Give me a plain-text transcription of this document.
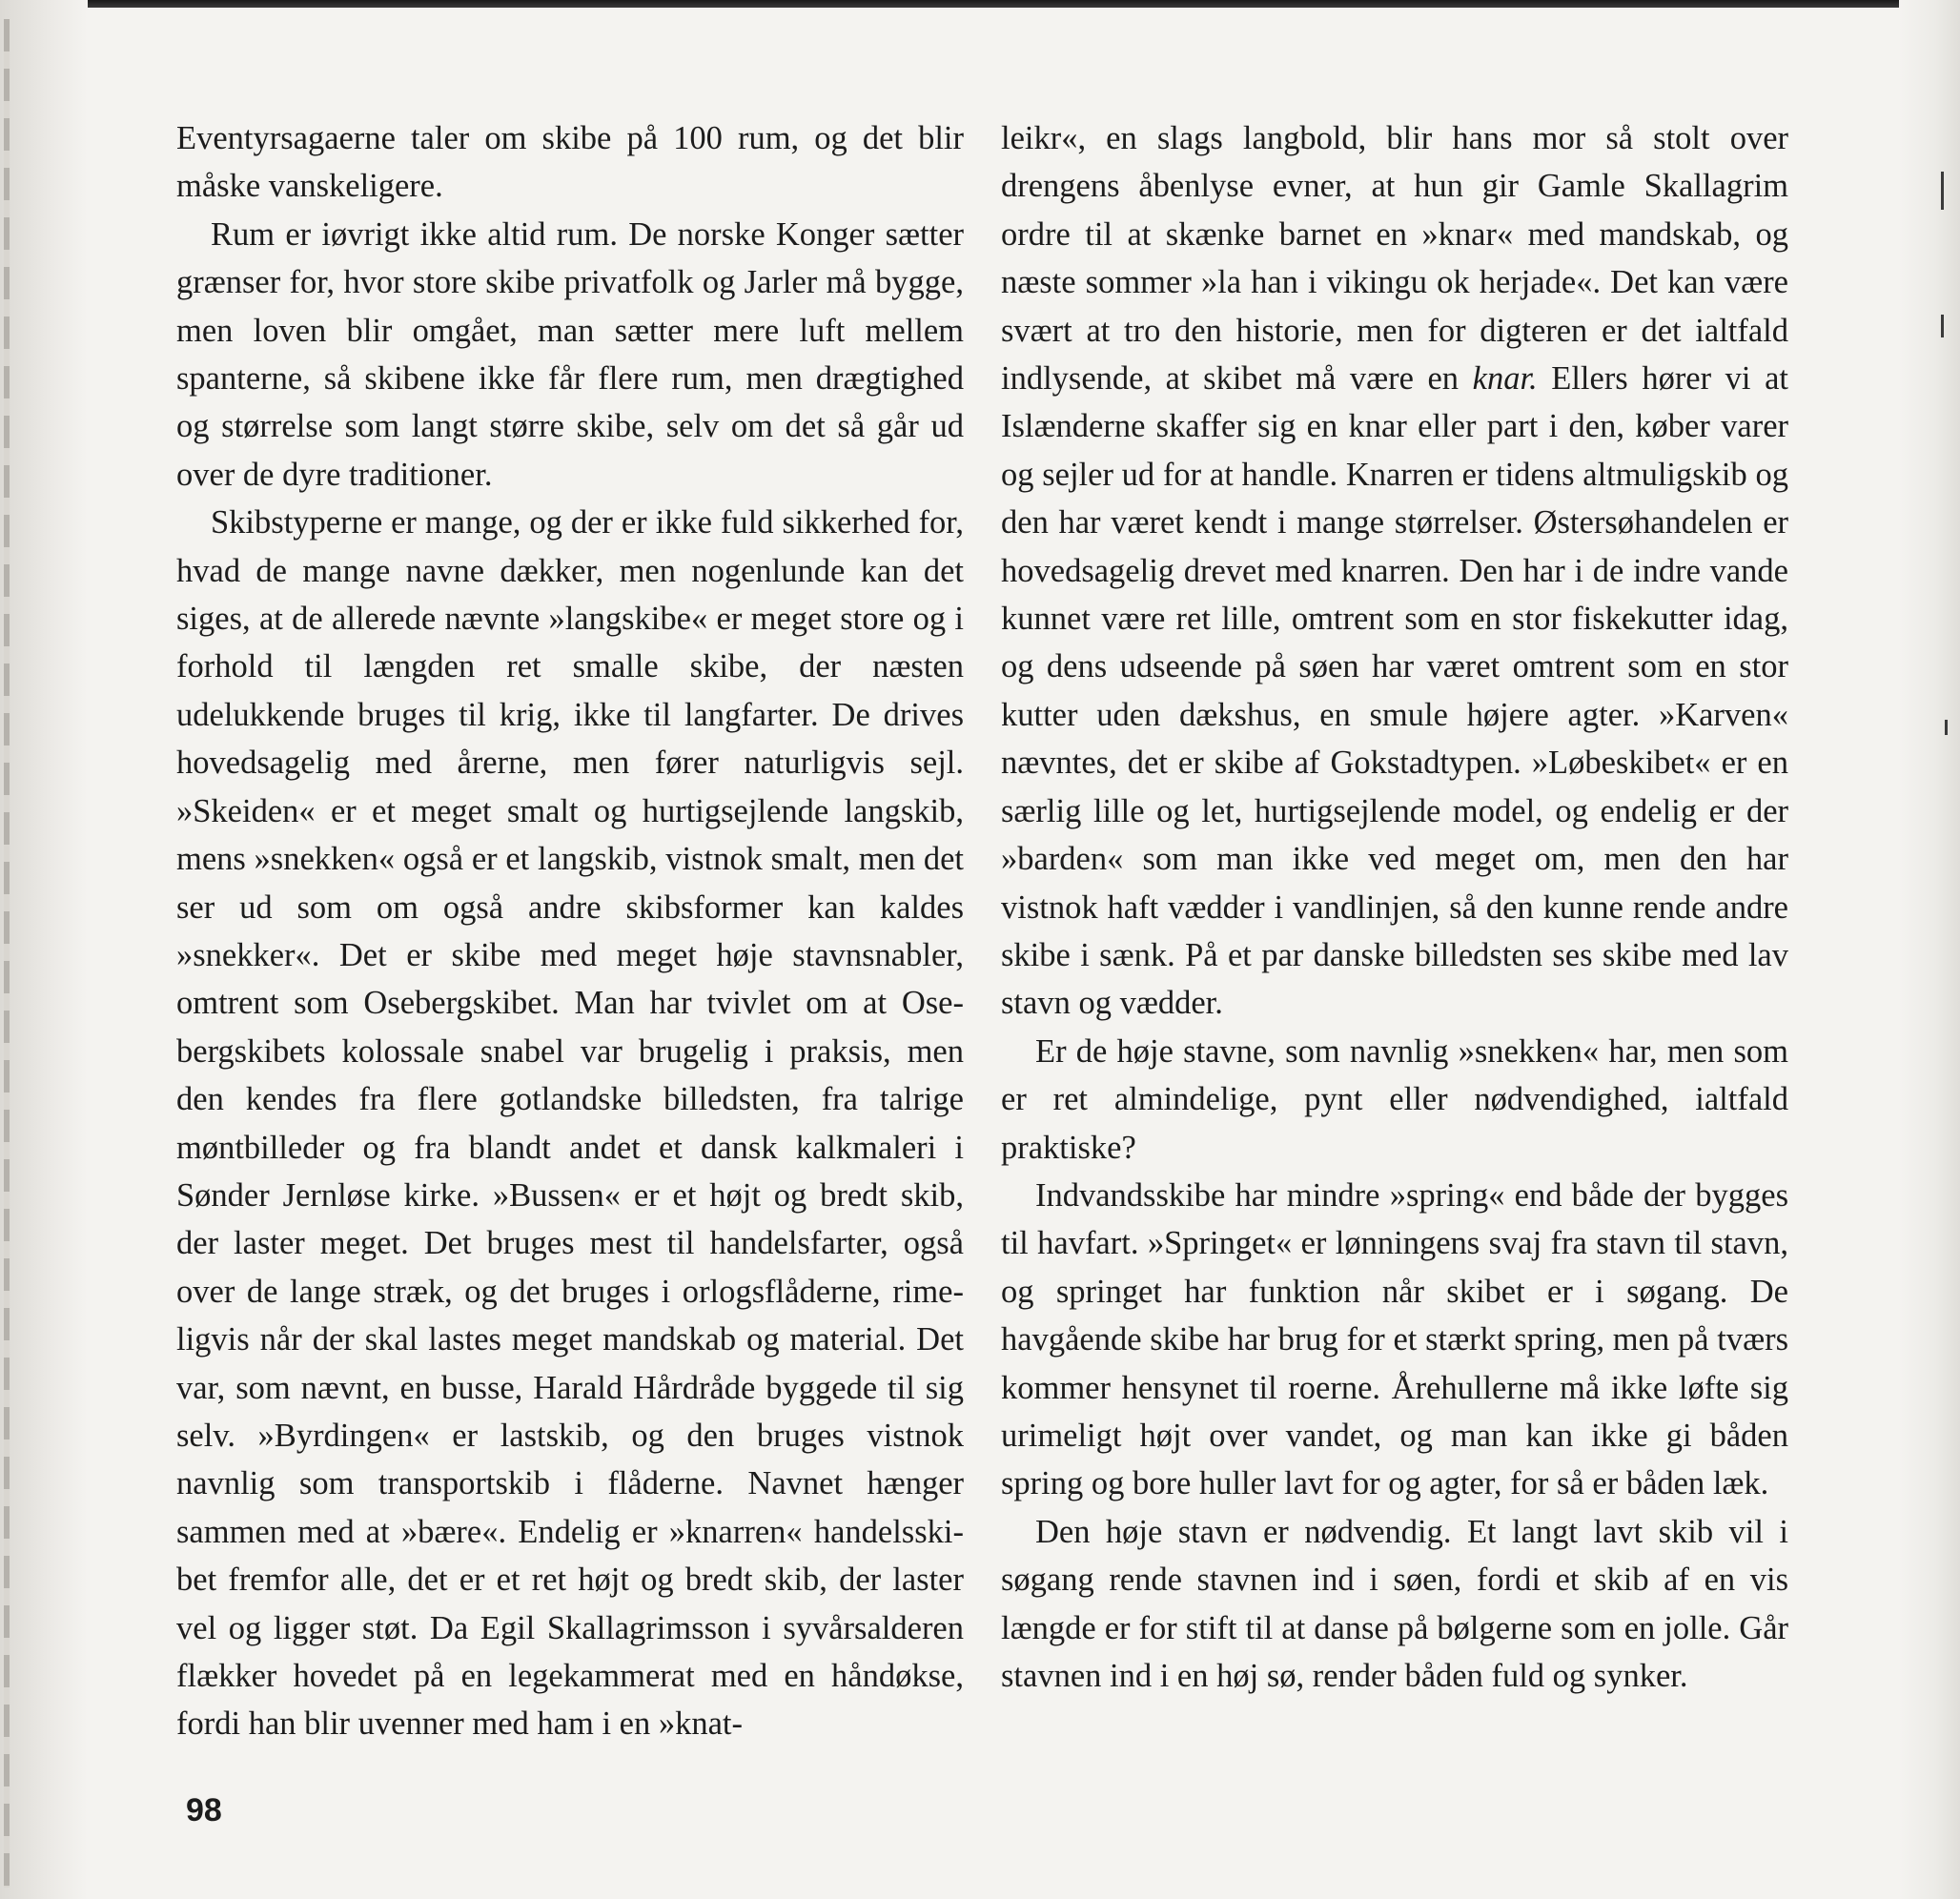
Eventyrsagaerne taler om skibe på 100 rum, og det blir måske vanskeligere.

Rum er iøvrigt ikke altid rum. De norske Konger sætter grænser for, hvor store skibe privatfolk og Jarler må bygge, men loven blir omgået, man sætter mere luft mellem spanterne, så skibene ikke får flere rum, men drægtighed og størrelse som langt større skibe, selv om det så går ud over de dyre traditioner.

Skibstyperne er mange, og der er ikke fuld sikkerhed for, hvad de mange navne dækker, men nogenlunde kan det siges, at de allerede nævnte »langskibe« er meget store og i forhold til længden ret smalle skibe, der næsten udelukkende bruges til krig, ikke til langfarter. De drives hovedsagelig med årerne, men fører naturligvis sejl. »Skeiden« er et meget smalt og hurtigsejlende langskib, mens »snekken« også er et langskib, vistnok smalt, men det ser ud som om også andre skibsformer kan kaldes »snekker«. Det er skibe med meget høje stavnsnabler, omtrent som Osebergskibet. Man har tvivlet om at Osebergskibets kolossale snabel var brugelig i praksis, men den kendes fra flere gotlandske billedsten, fra talrige møntbilleder og fra blandt andet et dansk kalkmaleri i Sønder Jernløse kirke. »Bussen« er et højt og bredt skib, der laster meget. Det bruges mest til handelsfarter, også over de lange stræk, og det bruges i orlogsflåderne, rimeligvis når der skal lastes meget mandskab og material. Det var, som nævnt, en busse, Harald Hårdråde byggede til sig selv. »Byrdingen« er lastskib, og den bruges vistnok navnlig som transportskib i flåderne. Navnet hænger sammen med at »bære«. Endelig er »knarren« handelsskibet fremfor alle, det er et ret højt og bredt skib, der laster vel og ligger støt. Da Egil Skallagrimsson i syvårsalderen flækker hovedet på en legekammerat med en håndøkse, fordi han blir uvenner med ham i en »knat-

leikr«, en slags langbold, blir hans mor så stolt over drengens åbenlyse evner, at hun gir Gamle Skallagrim ordre til at skænke barnet en »knar« med mandskab, og næste sommer »la han i vikingu ok herjade«. Det kan være svært at tro den historie, men for digteren er det ialtfald indlysende, at skibet må være en knar. Ellers hører vi at Islænderne skaffer sig en knar eller part i den, køber varer og sejler ud for at handle. Knarren er tidens altmuligskib og den har været kendt i mange størrelser. Østersøhandelen er hovedsagelig drevet med knarren. Den har i de indre vande kunnet være ret lille, omtrent som en stor fiskekutter idag, og dens udseende på søen har været omtrent som en stor kutter uden dækshus, en smule højere agter. »Karven« nævntes, det er skibe af Gokstadtypen. »Løbeskibet« er en særlig lille og let, hurtigsejlende model, og endelig er der »barden« som man ikke ved meget om, men den har vistnok haft vædder i vandlinjen, så den kunne rende andre skibe i sænk. På et par danske billedsten ses skibe med lav stavn og vædder.

Er de høje stavne, som navnlig »snekken« har, men som er ret almindelige, pynt eller nødvendighed, ialtfald praktiske?

Indvandsskibe har mindre »spring« end både der bygges til havfart. »Springet« er lønningens svaj fra stavn til stavn, og springet har funktion når skibet er i søgang. De havgående skibe har brug for et stærkt spring, men på tværs kommer hensynet til roerne. Årehullerne må ikke løfte sig urimeligt højt over vandet, og man kan ikke gi båden spring og bore huller lavt for og agter, for så er båden læk.

Den høje stavn er nødvendig. Et langt lavt skib vil i søgang rende stavnen ind i søen, fordi et skib af en vis længde er for stift til at danse på bølgerne som en jolle. Går stavnen ind i en høj sø, render båden fuld og synker.

98
